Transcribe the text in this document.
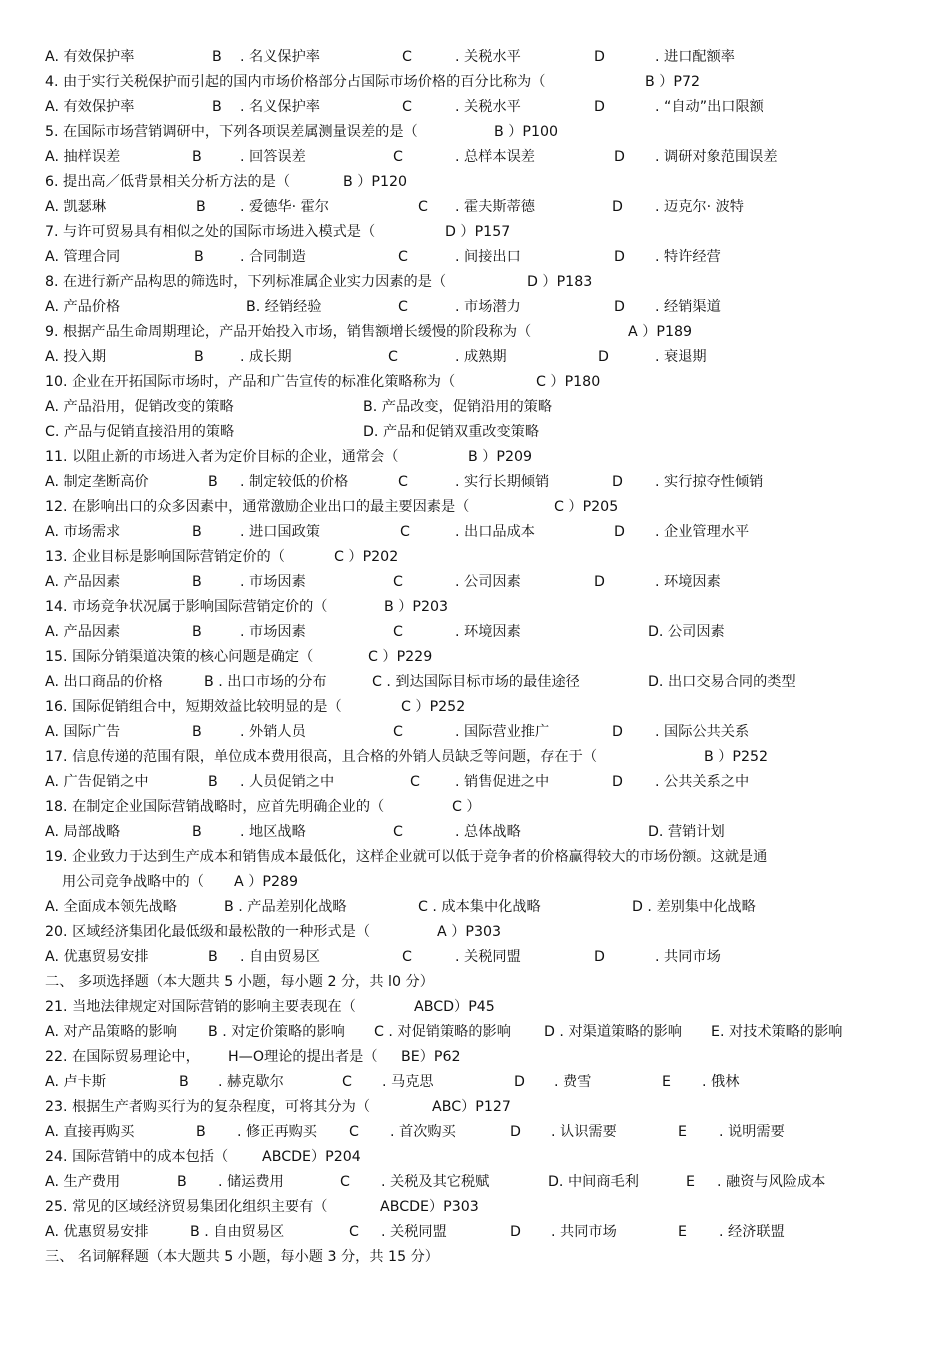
A. 有效保护率	B . 名义保护率	C	. 关税水平	D	. 进口配额率
4. 由于实行关税保护而引起的国内市场价格部分占国际市场价格的百分比称为（	B ）P72
A. 有效保护率	B . 名义保护率	C	. 关税水平	D	. “自动”出口限额
5. 在国际市场营销调研中，下列各项误差属测量误差的是（	B ）P100
A. 抽样误差	B	. 回答误差	C	. 总样本误差	D . 调研对象范围误差
6. 提出高／低背景相关分析方法的是（	B ）P120
A. 凯瑟琳	B . 爱德华· 霍尔	C . 霍夫斯蒂德	D . 迈克尔· 波特
7. 与许可贸易具有相似之处的国际市场进入模式是（	D ）P157
A. 管理合同	B	. 合同制造	C	. 间接出口	D . 特许经营
8. 在进行新产品构思的筛选时，下列标准属企业实力因素的是（	D ）P183
A. 产品价格	B. 经销经验	C	. 市场潜力	D . 经销渠道
9. 根据产品生命周期理论，产品开始投入市场，销售额增长缓慢的阶段称为（	A ）P189
A. 投入期	B	. 成长期	C	. 成熟期	D	. 衰退期
10. 企业在开拓国际市场时，产品和广告宣传的标准化策略称为（	C ）P180
A. 产品沿用，促销改变的策略	B. 产品改变，促销沿用的策略
C. 产品与促销直接沿用的策略	D. 产品和促销双重改变策略
11. 以阻止新的市场进入者为定价目标的企业，通常会（	B ）P209
A. 制定垄断高价	B . 制定较低的价格	C	. 实行长期倾销	D . 实行掠夺性倾销
12. 在影响出口的众多因素中，通常激励企业出口的最主要因素是（	C ）P205
A. 市场需求	B	. 进口国政策	C	. 出口品成本	D . 企业管理水平
13. 企业目标是影响国际营销定价的（	C ）P202
A. 产品因素	B	. 市场因素	C	. 公司因素	D	. 环境因素
14. 市场竞争状况属于影响国际营销定价的（	B ）P203
A. 产品因素	B	. 市场因素	C	. 环境因素	D. 公司因素
15. 国际分销渠道决策的核心问题是确定（	C ）P229
A. 出口商品的价格	B . 出口市场的分布	C . 到达国际目标市场的最佳途径	D. 出口交易合同的类型
16. 国际促销组合中，短期效益比较明显的是（	C ）P252
A. 国际广告	B	. 外销人员	C	. 国际营业推广	D . 国际公共关系
17. 信息传递的范围有限，单位成本费用很高，且合格的外销人员缺乏等问题，存在于（	B ）P252
A. 广告促销之中	B . 人员促销之中	C . 销售促进之中	D . 公共关系之中
18. 在制定企业国际营销战略时，应首先明确企业的（	C ）
A. 局部战略	B	. 地区战略	C	. 总体战略	D. 营销计划
19. 企业致力于达到生产成本和销售成本最低化，这样企业就可以低于竞争者的价格赢得较大的市场份额。这就是通
用公司竞争战略中的（ A ）P289
A. 全面成本领先战略	B . 产品差别化战略	C . 成本集中化战略	D . 差别集中化战略
20. 区域经济集团化最低级和最松散的一种形式是（	A ）P303
A. 优惠贸易安排	B . 自由贸易区	C	. 关税同盟	D	. 共同市场
二、 多项选择题（本大题共 5 小题，每小题 2 分，共 l0 分）
21. 当地法律规定对国际营销的影响主要表现在（	ABCD）P45
A. 对产品策略的影响 B . 对定价策略的影响 C . 对促销策略的影响 D . 对渠道策略的影响 E. 对技术策略的影响
22. 在国际贸易理论中， H—O理论的提出者是（ BE）P62
A. 卢卡斯	B . 赫克歇尔	C . 马克思	D . 费雪	E . 俄林
23. 根据生产者购买行为的复杂程度，可将其分为（	ABC）P127
A. 直接再购买	B . 修正再购买 C . 首次购买	D . 认识需要	E . 说明需要
24. 国际营销中的成本包括（ ABCDE）P204
A. 生产费用	B . 储运费用	C . 关税及其它税赋	D. 中间商毛利	E . 融资与风险成本
25. 常见的区域经济贸易集团化组织主要有（	ABCDE）P303
A. 优惠贸易安排	B . 自由贸易区	C . 关税同盟	D . 共同市场	E . 经济联盟
三、 名词解释题（本大题共 5 小题，每小题 3 分，共 15 分）
